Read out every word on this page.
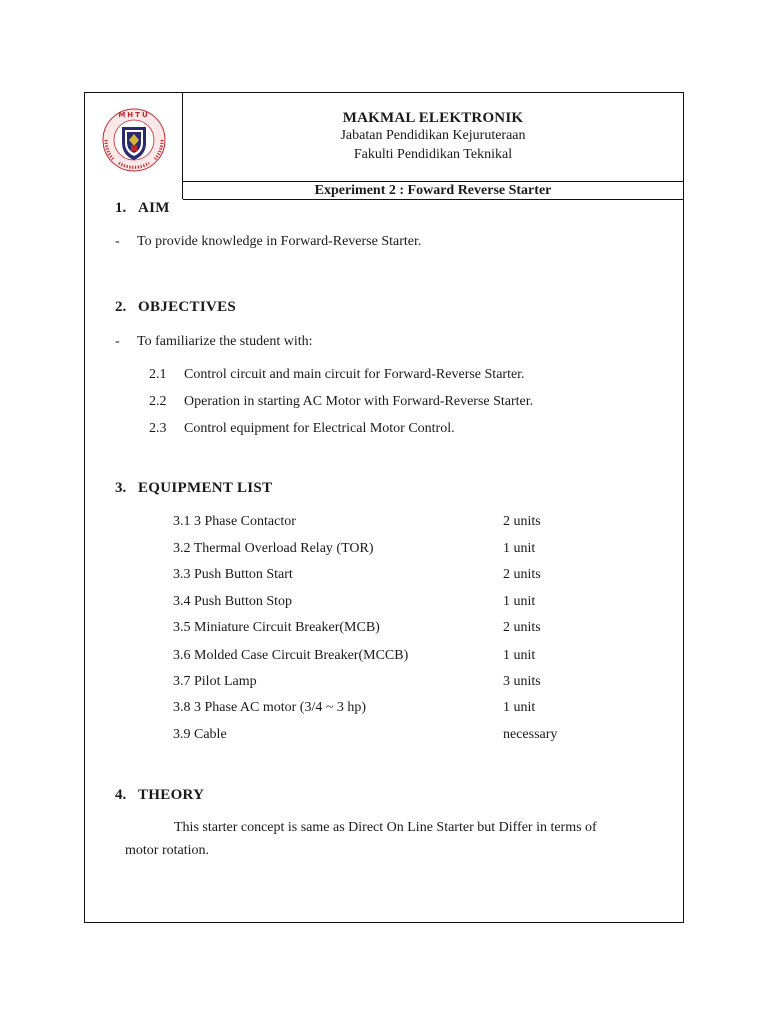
MHTU	MAKMAL ELEKTRONIK
Jabatan Pendidikan Kejuruteraan
Fakulti Pendidikan Teknikal
Experiment 2 : Foward Reverse Starter
1. AIM
- To provide knowledge in Forward-Reverse Starter.
2. OBJECTIVES
- To familiarize the student with:
2.1 Control circuit and main circuit for Forward-Reverse Starter.
2.2 Operation in starting AC Motor with Forward-Reverse Starter.
2.3 Control equipment for Electrical Motor Control.
3. EQUIPMENT LIST
3.1 3 Phase Contactor	2 units
3.2 Thermal Overload Relay (TOR)	1 unit
3.3 Push Button Start	2 units
3.4 Push Button Stop	1 unit
3.5 Miniature Circuit Breaker(MCB)	2 units
3.6 Molded Case Circuit Breaker(MCCB)	1 unit
3.7 Pilot Lamp	3 units
3.8 3 Phase AC motor (3/4 ~ 3 hp)	1 unit
3.9 Cable	necessary
4. THEORY
This starter concept is same as Direct On Line Starter but Differ in terms of
motor rotation.
